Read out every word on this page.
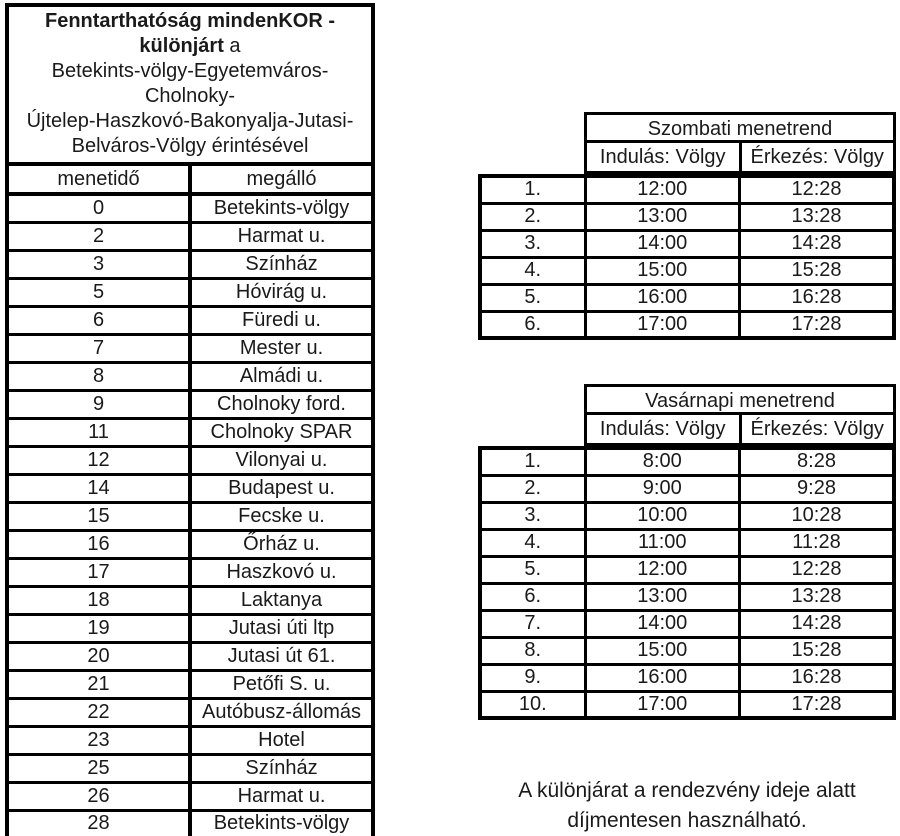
Fenntarthatóság mindenKOR -különjárt a
Betekints-völgy-Egyetemváros-Cholnoky-
Újtelep-Haszkovó-Bakonyalja-Jutasi-
Belváros-Völgy érintésével	

menetidő	megálló
0	Betekints-völgy
2	Harmat u.
3	Színház
5	Hóvirág u.
6	Füredi u.
7	Mester u.
8	Almádi u.
9	Cholnoky ford.
11	Cholnoky SPAR
12	Vilonyai u.
14	Budapest u.
15	Fecske u.
16	Őrház u.
17	Haszkovó u.
18	Laktanya
19	Jutasi úti ltp
20	Jutasi út 61.
21	Petőfi S. u.
22	Autóbusz-állomás
23	Hotel
25	Színház
26	Harmat u.
28	Betekints-völgy
Szombati menetrend
Indulás: Völgy	Érkezés: Völgy
1.	12:00	12:28
2.	13:00	13:28
3.	14:00	14:28
4.	15:00	15:28
5.	16:00	16:28
6.	17:00	17:28
Vasárnapi menetrend
Indulás: Völgy	Érkezés: Völgy
1.	8:00	8:28
2.	9:00	9:28
3.	10:00	10:28
4.	11:00	11:28
5.	12:00	12:28
6.	13:00	13:28
7.	14:00	14:28
8.	15:00	15:28
9.	16:00	16:28
10.	17:00	17:28
A különjárat a rendezvény ideje alatt
díjmentesen használható.
